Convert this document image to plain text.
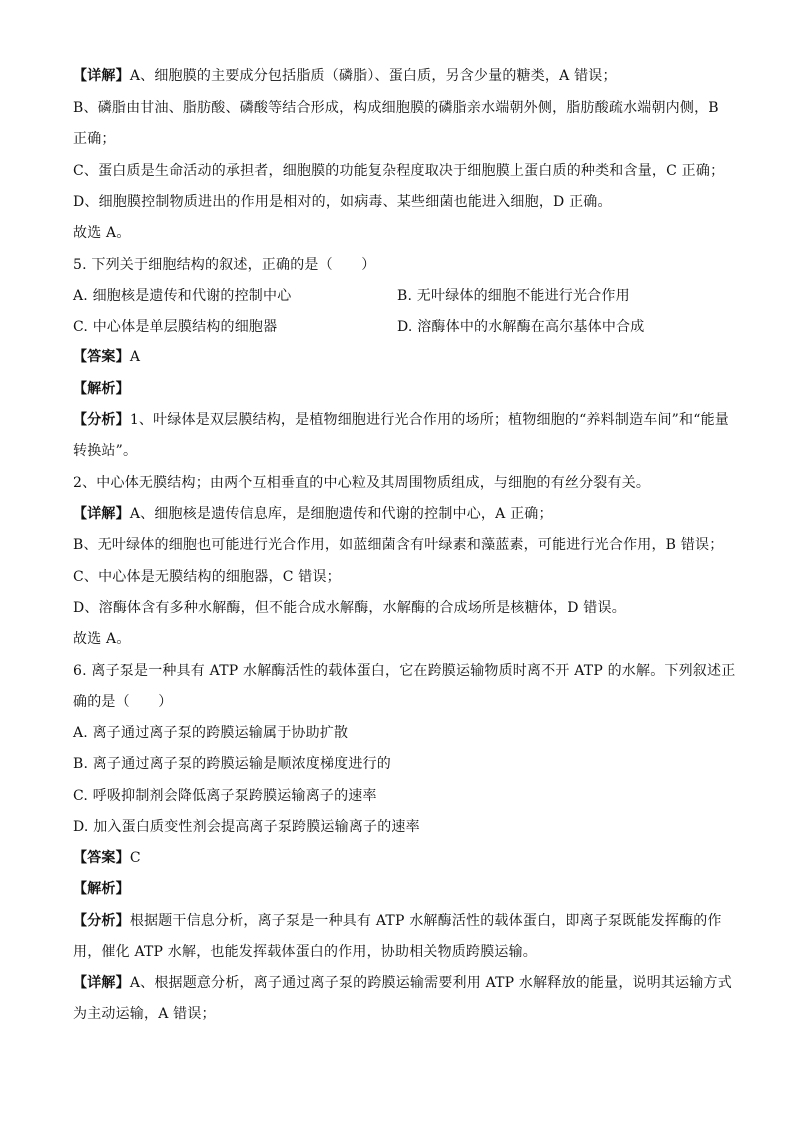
【详解】A、细胞膜的主要成分包括脂质（磷脂）、蛋白质，另含少量的糖类，A 错误；
B、磷脂由甘油、脂肪酸、磷酸等结合形成，构成细胞膜的磷脂亲水端朝外侧，脂肪酸疏水端朝内侧，B
正确；
C、蛋白质是生命活动的承担者，细胞膜的功能复杂程度取决于细胞膜上蛋白质的种类和含量，C 正确；
D、细胞膜控制物质进出的作用是相对的，如病毒、某些细菌也能进入细胞，D 正确。
故选 A。
5. 下列关于细胞结构的叙述，正确的是（　　）
A. 细胞核是遗传和代谢的控制中心	B. 无叶绿体的细胞不能进行光合作用
C. 中心体是单层膜结构的细胞器	D. 溶酶体中的水解酶在高尔基体中合成
【答案】A
【解析】
【分析】1、叶绿体是双层膜结构，是植物细胞进行光合作用的场所；植物细胞的“养料制造车间”和“能量
转换站”。
2、中心体无膜结构；由两个互相垂直的中心粒及其周围物质组成，与细胞的有丝分裂有关。
【详解】A、细胞核是遗传信息库，是细胞遗传和代谢的控制中心，A 正确；
B、无叶绿体的细胞也可能进行光合作用，如蓝细菌含有叶绿素和藻蓝素，可能进行光合作用，B 错误；
C、中心体是无膜结构的细胞器，C 错误；
D、溶酶体含有多种水解酶，但不能合成水解酶，水解酶的合成场所是核糖体，D 错误。
故选 A。
6. 离子泵是一种具有 ATP 水解酶活性的载体蛋白，它在跨膜运输物质时离不开 ATP 的水解。下列叙述正
确的是（　　）
A. 离子通过离子泵的跨膜运输属于协助扩散
B. 离子通过离子泵的跨膜运输是顺浓度梯度进行的
C. 呼吸抑制剂会降低离子泵跨膜运输离子的速率
D. 加入蛋白质变性剂会提高离子泵跨膜运输离子的速率
【答案】C
【解析】
【分析】根据题干信息分析，离子泵是一种具有 ATP 水解酶活性的载体蛋白，即离子泵既能发挥酶的作
用，催化 ATP 水解，也能发挥载体蛋白的作用，协助相关物质跨膜运输。
【详解】A、根据题意分析，离子通过离子泵的跨膜运输需要利用 ATP 水解释放的能量，说明其运输方式
为主动运输，A 错误；
